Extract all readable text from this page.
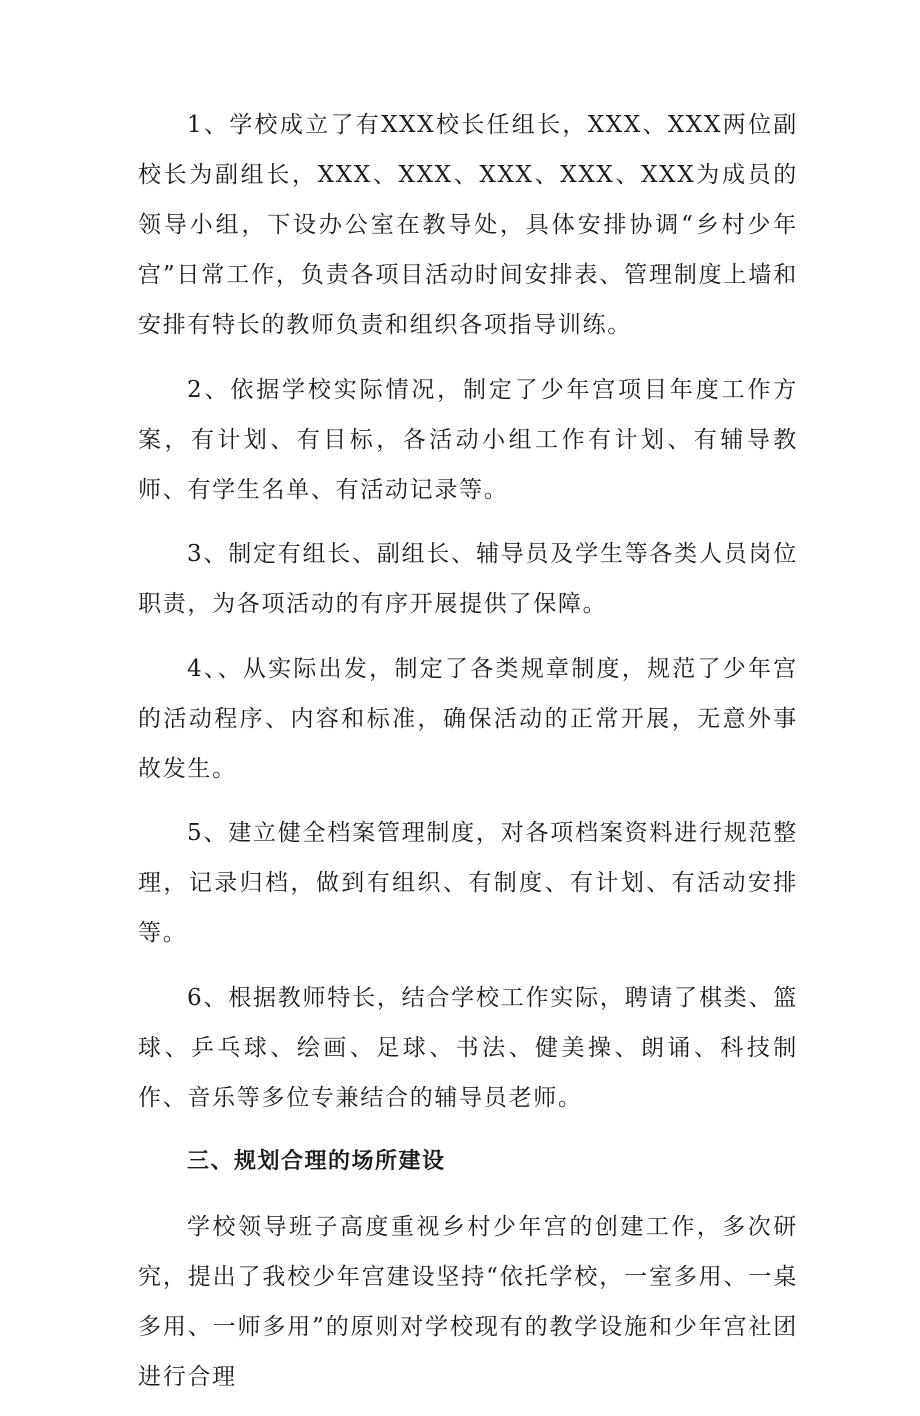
1、学校成立了有XXX校长任组长，XXX、XXX两位副校长为副组长，XXX、XXX、XXX、XXX、XXX为成员的领导小组，下设办公室在教导处，具体安排协调“乡村少年宫”日常工作，负责各项目活动时间安排表、管理制度上墙和安排有特长的教师负责和组织各项指导训练。

2、依据学校实际情况，制定了少年宫项目年度工作方案，有计划、有目标，各活动小组工作有计划、有辅导教师、有学生名单、有活动记录等。

3、制定有组长、副组长、辅导员及学生等各类人员岗位职责，为各项活动的有序开展提供了保障。

4、、从实际出发，制定了各类规章制度，规范了少年宫的活动程序、内容和标准，确保活动的正常开展，无意外事故发生。

5、建立健全档案管理制度，对各项档案资料进行规范整理，记录归档，做到有组织、有制度、有计划、有活动安排等。

6、根据教师特长，结合学校工作实际，聘请了棋类、篮球、乒乓球、绘画、足球、书法、健美操、朗诵、科技制作、音乐等多位专兼结合的辅导员老师。

三、规划合理的场所建设

学校领导班子高度重视乡村少年宫的创建工作，多次研究，提出了我校少年宫建设坚持“依托学校，一室多用、一桌多用、一师多用”的原则对学校现有的教学设施和少年宫社团进行合理
